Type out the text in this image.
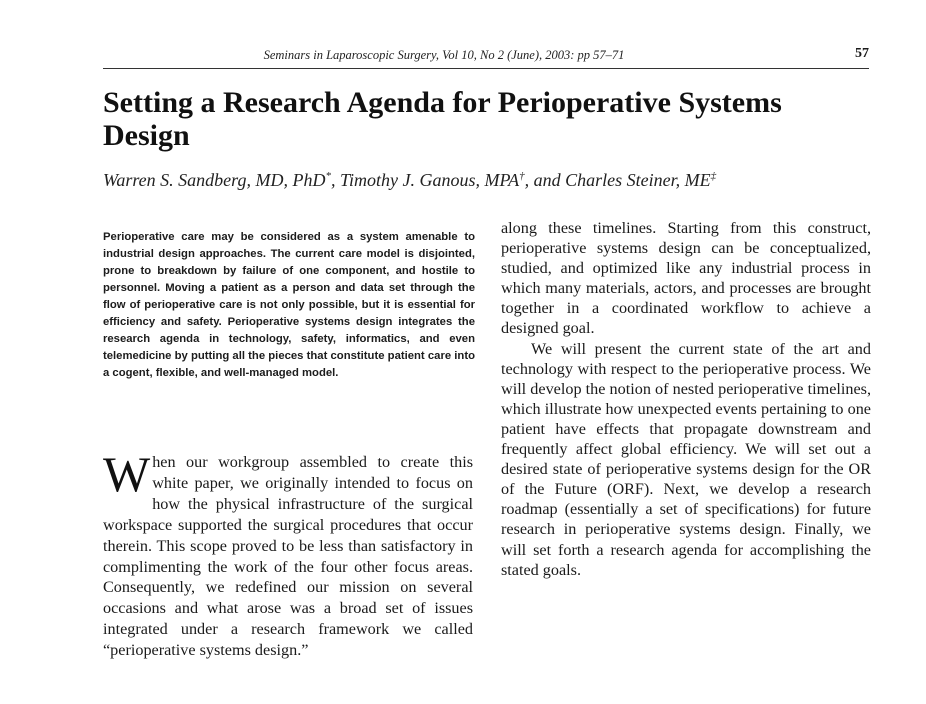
Seminars in Laparoscopic Surgery, Vol 10, No 2 (June), 2003: pp 57–71	57
Setting a Research Agenda for Perioperative Systems Design
Warren S. Sandberg, MD, PhD*, Timothy J. Ganous, MPA†, and Charles Steiner, ME‡

Perioperative care may be considered as a system amenable to industrial design approaches. The current care model is disjointed, prone to breakdown by failure of one component, and hostile to personnel. Moving a patient as a person and data set through the flow of perioperative care is not only possible, but it is essential for efficiency and safety. Perioperative systems design integrates the research agenda in technology, safety, informatics, and even telemedicine by putting all the pieces that constitute patient care into a cogent, flexible, and well-managed model.

When our workgroup assembled to create this white paper, we originally intended to focus on how the physical infrastructure of the surgical workspace supported the surgical procedures that occur therein. This scope proved to be less than satisfactory in complimenting the work of the four other focus areas. Consequently, we redefined our mission on several occasions and what arose was a broad set of issues integrated under a research framework we called “perioperative systems design.”

along these timelines. Starting from this construct, perioperative systems design can be conceptualized, studied, and optimized like any industrial process in which many materials, actors, and processes are brought together in a coordinated workflow to achieve a designed goal.

We will present the current state of the art and technology with respect to the perioperative process. We will develop the notion of nested perioperative timelines, which illustrate how unexpected events pertaining to one patient have effects that propagate downstream and frequently affect global efficiency. We will set out a desired state of perioperative systems design for the OR of the Future (ORF). Next, we develop a research roadmap (essentially a set of specifications) for future research in perioperative systems design. Finally, we will set forth a research agenda for accomplishing the stated goals.
